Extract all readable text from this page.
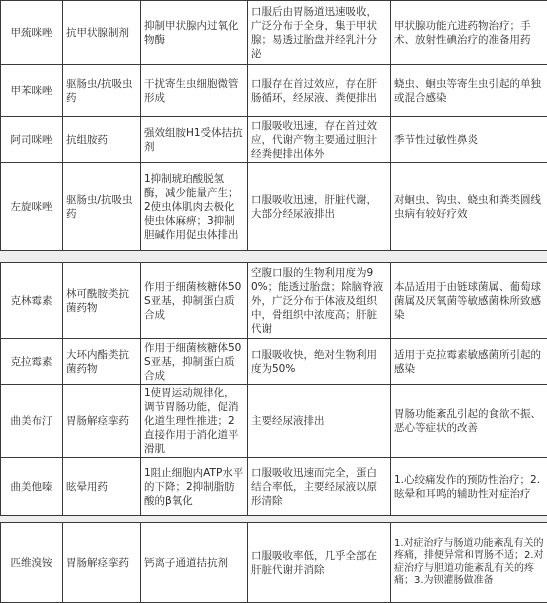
甲巯咪唑	抗甲状腺制剂	抑制甲状腺内过氧化物酶	口服后由胃肠道迅速吸收，广泛分布于全身，集于甲状腺；易透过胎盘并经乳汁分泌	甲状腺功能亢进药物治疗；手术、放射性碘治疗的准备用药
甲苯咪唑	驱肠虫/抗吸虫药	干扰寄生虫细胞微管形成	口服存在首过效应，存在肝肠循环，经尿液、粪便排出	蛲虫、蛔虫等寄生虫引起的单独或混合感染
阿司咪唑	抗组胺药	强效组胺H1受体拮抗剂	口服吸收迅速，存在首过效应，代谢产物主要通过胆汁经粪便排出体外	季节性过敏性鼻炎
左旋咪唑	驱肠虫/抗吸虫药	1抑制琥珀酸脱氢酶，减少能量产生；2使虫体肌肉去极化使虫体麻痹；3抑制胆碱作用促虫体排出	口服吸收迅速，肝脏代谢，大部分经尿液排出	对蛔虫、钩虫、蛲虫和粪类圆线虫病有较好疗效
克林霉素	林可酰胺类抗菌药物	作用于细菌核糖体50S亚基，抑制蛋白质合成	空腹口服的生物利用度为90%；能透过胎盘；除脑脊液外，广泛分布于体液及组织中，骨组织中浓度高；肝脏代谢	本品适用于由链球菌属、葡萄球菌属及厌氧菌等敏感菌株所致感染
克拉霉素	大环内酯类抗菌药物	作用于细菌核糖体50S亚基，抑制蛋白质合成	口服吸收快，绝对生物利用度为50%	适用于克拉霉素敏感菌所引起的感染
曲美布汀	胃肠解痉挛药	1使胃运动规律化，调节胃肠功能，促消化道生理性推进；2直接作用于消化道平滑肌	主要经尿液排出	胃肠功能紊乱引起的食欲不振、恶心等症状的改善
曲美他嗪	眩晕用药	1阻止细胞内ATP水平的下降；2抑制脂肪酸的β氧化	口服吸收迅速而完全，蛋白结合率低，主要经尿液以原形清除	1.心绞痛发作的预防性治疗；2.眩晕和耳鸣的辅助性对症治疗
匹维溴铵	胃肠解痉挛药	钙离子通道拮抗剂	口服吸收率低，几乎全部在肝脏代谢并消除	1.对症治疗与肠道功能紊乱有关的疼痛，排便异常和胃肠不适；2.对症治疗与胆道功能紊乱有关的疼痛；3.为钡灌肠做准备
